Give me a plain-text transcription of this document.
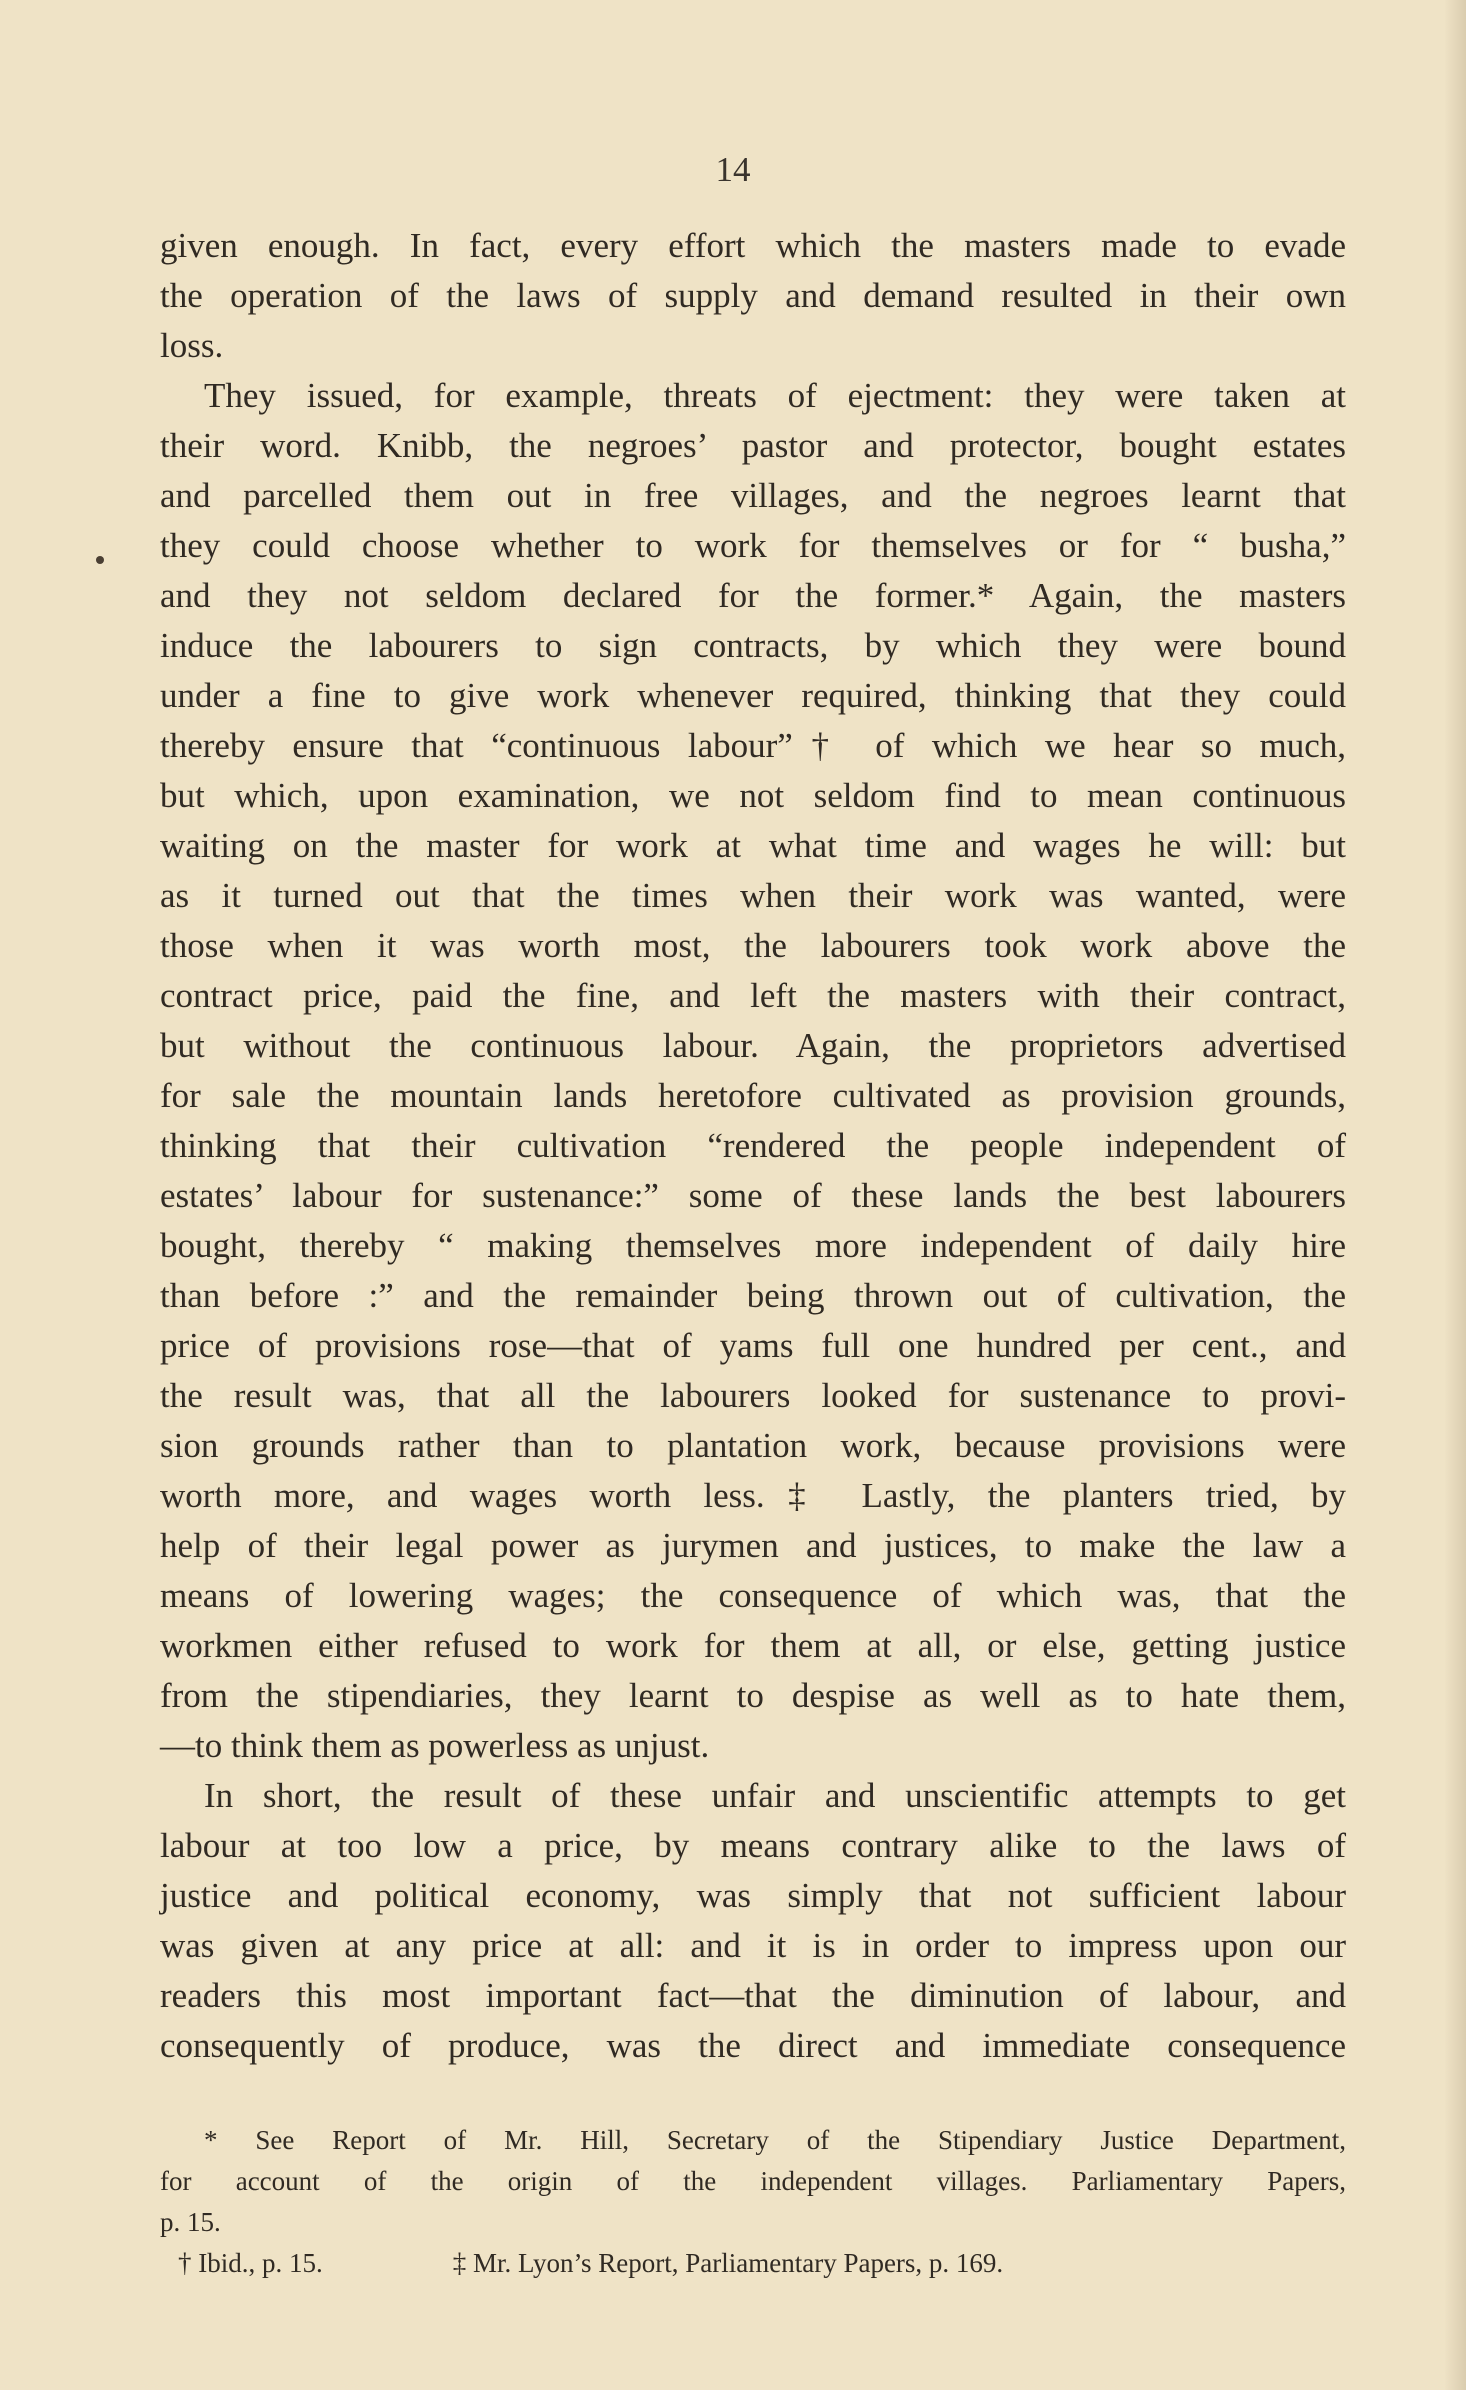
14
given enough. In fact, every effort which the masters made to evade
the operation of the laws of supply and demand resulted in their own
loss.
They issued, for example, threats of ejectment: they were taken at
their word. Knibb, the negroes’ pastor and protector, bought estates
and parcelled them out in free villages, and the negroes learnt that
they could choose whether to work for themselves or for “ busha,”
and they not seldom declared for the former.* Again, the masters
induce the labourers to sign contracts, by which they were bound
under a fine to give work whenever required, thinking that they could
thereby ensure that “continuous labour”† of which we hear so much,
but which, upon examination, we not seldom find to mean continuous
waiting on the master for work at what time and wages he will: but
as it turned out that the times when their work was wanted, were
those when it was worth most, the labourers took work above the
contract price, paid the fine, and left the masters with their contract,
but without the continuous labour. Again, the proprietors advertised
for sale the mountain lands heretofore cultivated as provision grounds,
thinking that their cultivation “rendered the people independent of
estates’ labour for sustenance:” some of these lands the best labourers
bought, thereby “ making themselves more independent of daily hire
than before :” and the remainder being thrown out of cultivation, the
price of provisions rose—that of yams full one hundred per cent., and
the result was, that all the labourers looked for sustenance to provi-
sion grounds rather than to plantation work, because provisions were
worth more, and wages worth less.‡ Lastly, the planters tried, by
help of their legal power as jurymen and justices, to make the law a
means of lowering wages; the consequence of which was, that the
workmen either refused to work for them at all, or else, getting justice
from the stipendiaries, they learnt to despise as well as to hate them,
—to think them as powerless as unjust.
In short, the result of these unfair and unscientific attempts to get
labour at too low a price, by means contrary alike to the laws of
justice and political economy, was simply that not sufficient labour
was given at any price at all: and it is in order to impress upon our
readers this most important fact—that the diminution of labour, and
consequently of produce, was the direct and immediate consequence
* See Report of Mr. Hill, Secretary of the Stipendiary Justice Department,
for account of the origin of the independent villages. Parliamentary Papers,
p. 15.
† Ibid., p. 15.	‡ Mr. Lyon’s Report, Parliamentary Papers, p. 169.
